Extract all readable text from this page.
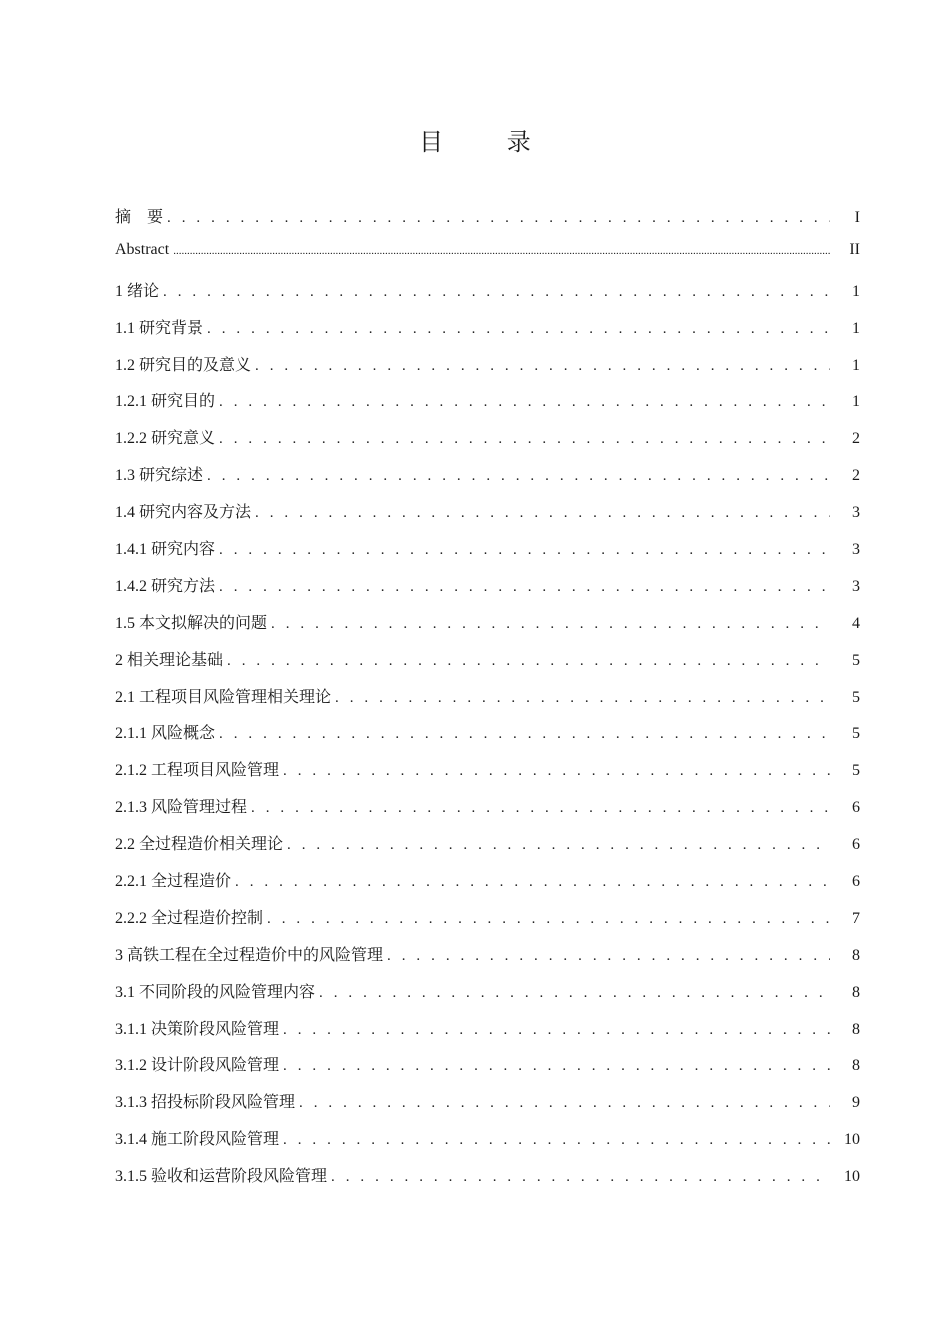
目 录
摘　要 . . .	I
Abstract .....	II
1 绪论 . . .	1
1.1 研究背景 . . .	1
1.2 研究目的及意义 . . .	1
1.2.1 研究目的 . . .	1
1.2.2 研究意义 . . .	2
1.3 研究综述 . . .	2
1.4 研究内容及方法 . . .	3
1.4.1 研究内容 . . .	3
1.4.2 研究方法 . . .	3
1.5 本文拟解决的问题 . . .	4
2 相关理论基础 . . .	5
2.1 工程项目风险管理相关理论 . . .	5
2.1.1 风险概念 . . .	5
2.1.2 工程项目风险管理 . . .	5
2.1.3 风险管理过程 . . .	6
2.2 全过程造价相关理论 . . .	6
2.2.1 全过程造价 . . .	6
2.2.2 全过程造价控制 . . .	7
3 高铁工程在全过程造价中的风险管理 . . .	8
3.1 不同阶段的风险管理内容 . . .	8
3.1.1 决策阶段风险管理 . . .	8
3.1.2 设计阶段风险管理 . . .	8
3.1.3 招投标阶段风险管理 . . .	9
3.1.4 施工阶段风险管理 . . .	10
3.1.5 验收和运营阶段风险管理 . . .	10
